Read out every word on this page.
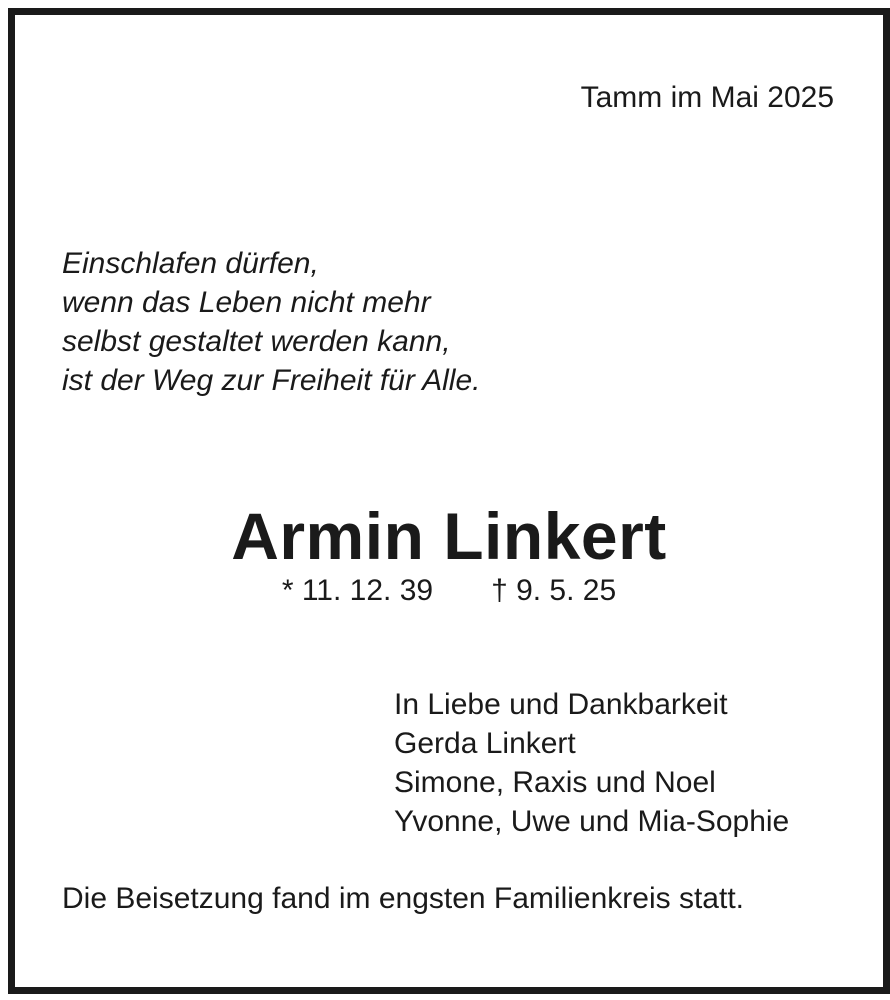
Tamm im Mai 2025
Einschlafen dürfen,
wenn das Leben nicht mehr
selbst gestaltet werden kann,
ist der Weg zur Freiheit für Alle.
Armin Linkert
* 11. 12. 39 † 9. 5. 25
In Liebe und Dankbarkeit
Gerda Linkert
Simone, Raxis und Noel
Yvonne, Uwe und Mia-Sophie
Die Beisetzung fand im engsten Familienkreis statt.
